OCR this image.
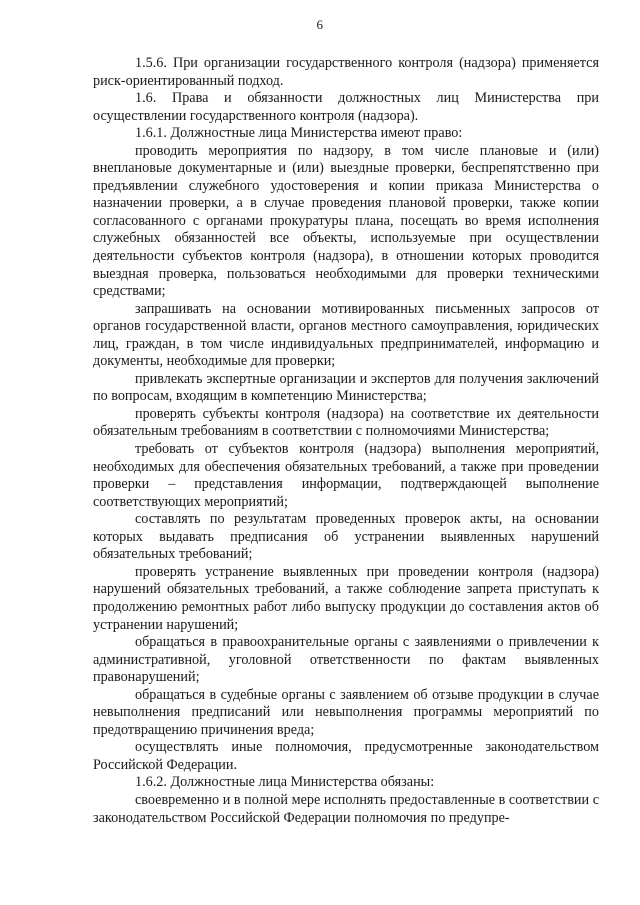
6

1.5.6. При организации государственного контроля (надзора) применяется риск-ориентированный подход.

1.6. Права и обязанности должностных лиц Министерства при осуществлении государственного контроля (надзора).

1.6.1. Должностные лица Министерства имеют право:

проводить мероприятия по надзору, в том числе плановые и (или) внеплановые документарные и (или) выездные проверки, беспрепятственно при предъявлении служебного удостоверения и копии приказа Министерства о назначении проверки, а в случае проведения плановой проверки, также копии согласованного с органами прокуратуры плана, посещать во время исполнения служебных обязанностей все объекты, используемые при осуществлении деятельности субъектов контроля (надзора), в отношении которых проводится выездная проверка, пользоваться необходимыми для проверки техническими средствами;

запрашивать на основании мотивированных письменных запросов от органов государственной власти, органов местного самоуправления, юридических лиц, граждан, в том числе индивидуальных предпринимателей, информацию и документы, необходимые для проверки;

привлекать экспертные организации и экспертов для получения заключений по вопросам, входящим в компетенцию Министерства;

проверять субъекты контроля (надзора) на соответствие их деятельности обязательным требованиям в соответствии с полномочиями Министерства;

требовать от субъектов контроля (надзора) выполнения мероприятий, необходимых для обеспечения обязательных требований, а также при проведении проверки – представления информации, подтверждающей выполнение соответствующих мероприятий;

составлять по результатам проведенных проверок акты, на основании которых выдавать предписания об устранении выявленных нарушений обязательных требований;

проверять устранение выявленных при проведении контроля (надзора) нарушений обязательных требований, а также соблюдение запрета приступать к продолжению ремонтных работ либо выпуску продукции до составления актов об устранении нарушений;

обращаться в правоохранительные органы с заявлениями о привлечении к административной, уголовной ответственности по фактам выявленных правонарушений;

обращаться в судебные органы с заявлением об отзыве продукции в случае невыполнения предписаний или невыполнения программы мероприятий по предотвращению причинения вреда;

осуществлять иные полномочия, предусмотренные законодательством Российской Федерации.

1.6.2. Должностные лица Министерства обязаны:

своевременно и в полной мере исполнять предоставленные в соответствии с законодательством Российской Федерации полномочия по предупре-
